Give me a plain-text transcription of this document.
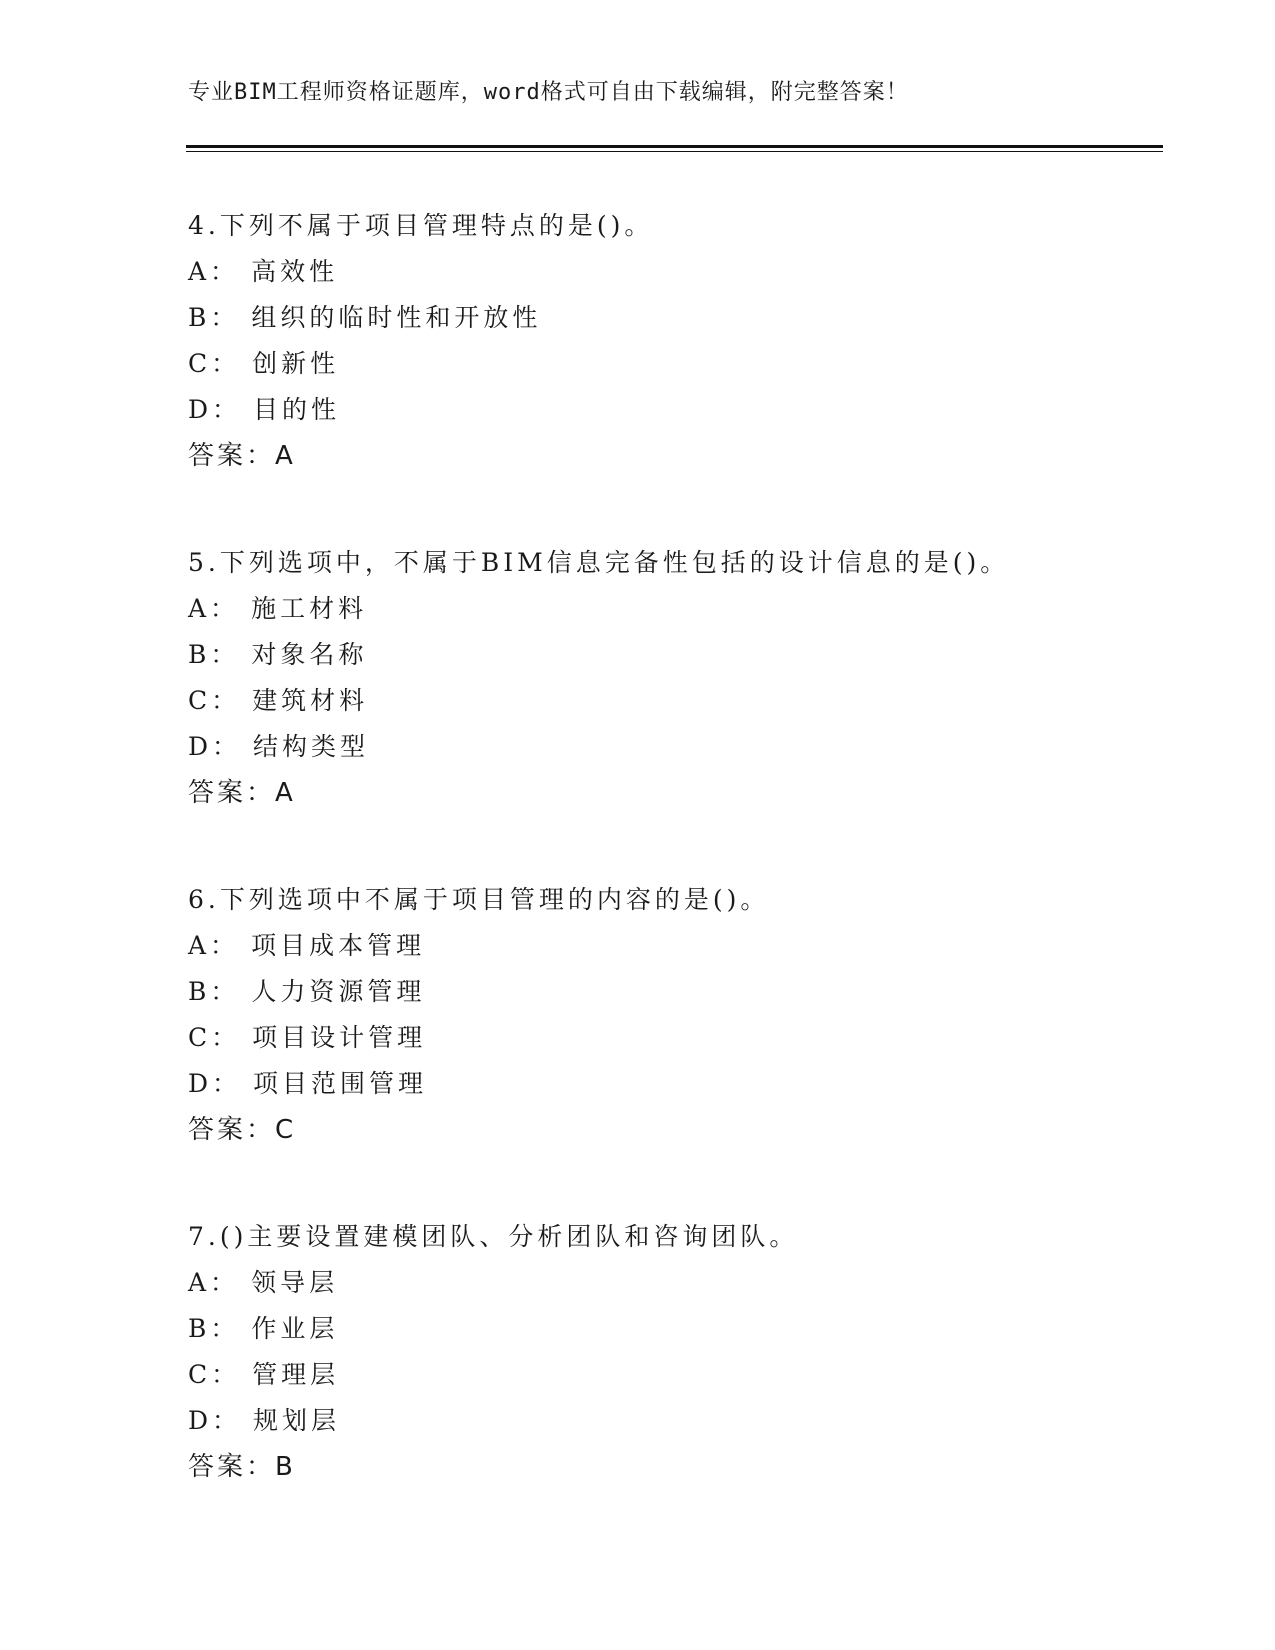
专业BIM工程师资格证题库，word格式可自由下载编辑，附完整答案！
4.下列不属于项目管理特点的是()。
A： 高效性
B： 组织的临时性和开放性
C： 创新性
D： 目的性
答案：A
5.下列选项中，不属于BIM信息完备性包括的设计信息的是()。
A： 施工材料
B： 对象名称
C： 建筑材料
D： 结构类型
答案：A
6.下列选项中不属于项目管理的内容的是()。
A： 项目成本管理
B： 人力资源管理
C： 项目设计管理
D： 项目范围管理
答案：C
7.()主要设置建模团队、分析团队和咨询团队。
A： 领导层
B： 作业层
C： 管理层
D： 规划层
答案：B
